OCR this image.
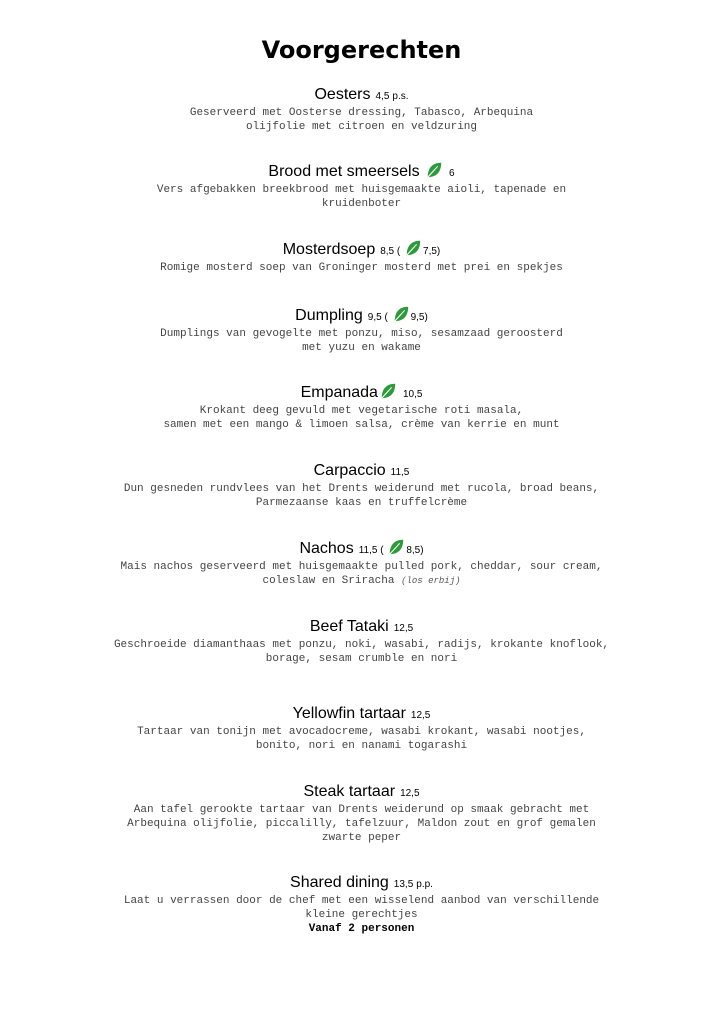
Voorgerechten
Oesters 4,5 p.s.
Geserveerd met Oosterse dressing, Tabasco, Arbequina
olijfolie met citroen en veldzuring
Brood met smeersels	6
Vers afgebakken breekbrood met huisgemaakte aioli, tapenade en
kruidenboter
Mosterdsoep 8,5 ( 7,5)
Romige mosterd soep van Groninger mosterd met prei en spekjes
Dumpling 9,5 ( 9,5)
Dumplings van gevogelte met ponzu, miso, sesamzaad geroosterd
met yuzu en wakame
Empanada	10,5
Krokant deeg gevuld met vegetarische roti masala,
samen met een mango & limoen salsa, crème van kerrie en munt
Carpaccio 11,5
Dun gesneden rundvlees van het Drents weiderund met rucola, broad beans,
Parmezaanse kaas en truffelcrème
Nachos 11,5 ( 8,5)
Mais nachos geserveerd met huisgemaakte pulled pork, cheddar, sour cream,
coleslaw en Sriracha (los erbij)
Beef Tataki 12,5
Geschroeide diamanthaas met ponzu, noki, wasabi, radijs, krokante knoflook,
borage, sesam crumble en nori
Yellowfin tartaar 12,5
Tartaar van tonijn met avocadocreme, wasabi krokant, wasabi nootjes,
bonito, nori en nanami togarashi
Steak tartaar 12,5
Aan tafel gerookte tartaar van Drents weiderund op smaak gebracht met
Arbequina olijfolie, piccalilly, tafelzuur, Maldon zout en grof gemalen
zwarte peper
Shared dining 13,5 p.p.
Laat u verrassen door de chef met een wisselend aanbod van verschillende
kleine gerechtjes
Vanaf 2 personen
